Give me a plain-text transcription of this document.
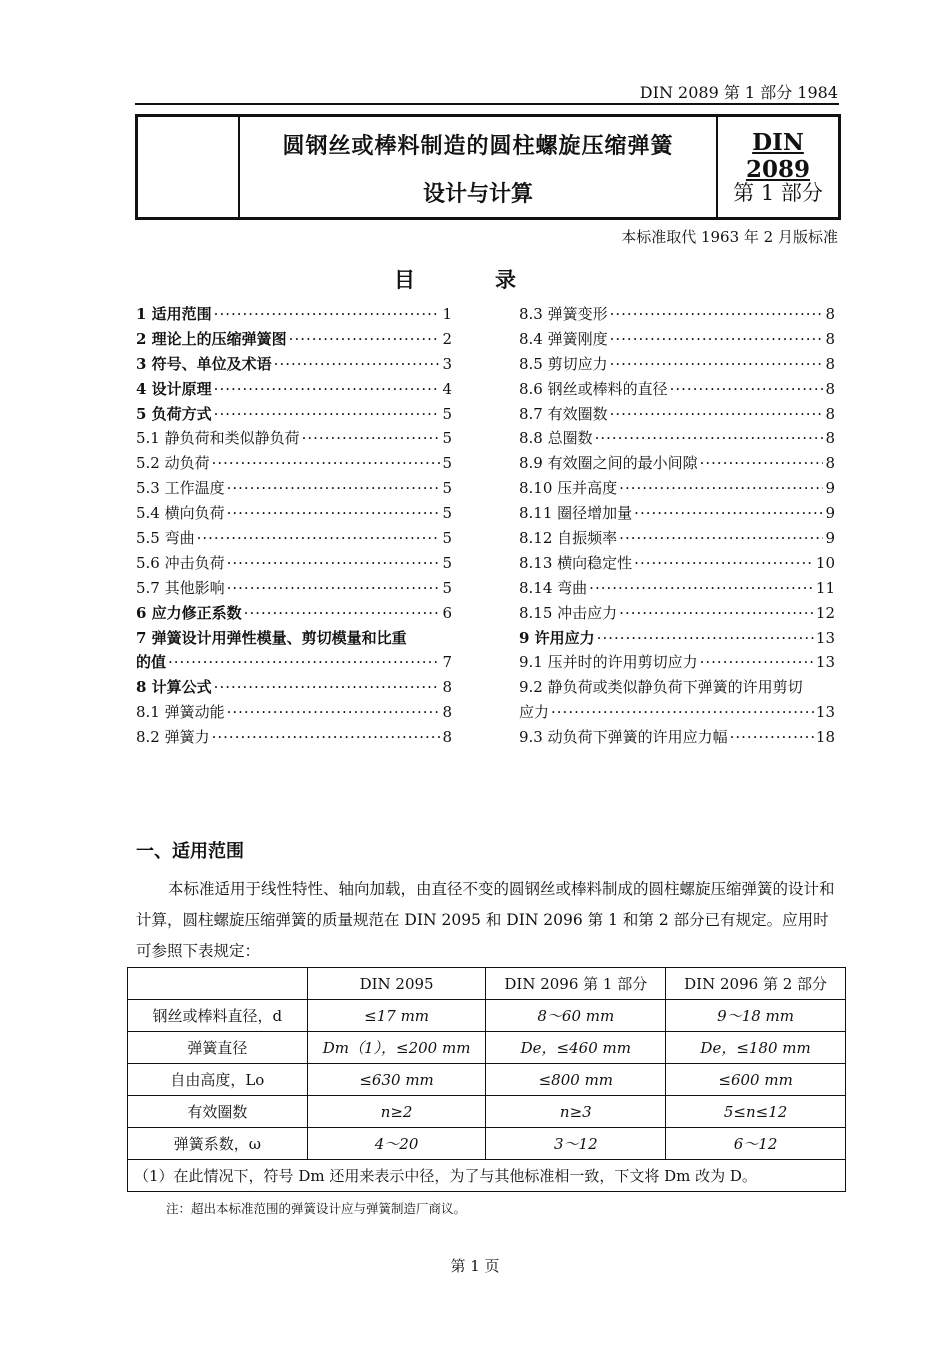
DIN 2089 第 1 部分 1984
圆钢丝或棒料制造的圆柱螺旋压缩弹簧
设计与计算
DIN 2089
第 1 部分
本标准取代 1963 年 2 月版标准
目录
1 适用范围 ·····	1
2 理论上的压缩弹簧图 ·····	2
3 符号、单位及术语 ·····	3
4 设计原理 ·····	4
5 负荷方式 ·····	5
5.1 静负荷和类似静负荷 ·····	5
5.2 动负荷 ·····	5
5.3 工作温度 ·····	5
5.4 横向负荷 ·····	5
5.5 弯曲 ·····	5
5.6 冲击负荷 ·····	5
5.7 其他影响 ·····	5
6 应力修正系数 ·····	6
7 弹簧设计用弹性模量、剪切模量和比重
的值 ·····	7
8 计算公式 ·····	8
8.1 弹簧动能 ·····	8
8.2 弹簧力 ·····	8
8.3 弹簧变形 ·····	8
8.4 弹簧刚度 ·····	8
8.5 剪切应力 ·····	8
8.6 钢丝或棒料的直径 ·····	8
8.7 有效圈数 ·····	8
8.8 总圈数 ·····	8
8.9 有效圈之间的最小间隙 ·····	8
8.10 压并高度 ·····	9
8.11 圈径增加量 ·····	9
8.12 自振频率 ·····	9
8.13 横向稳定性 ·····	10
8.14 弯曲 ·····	11
8.15 冲击应力 ·····	12
9 许用应力 ·····	13
9.1 压并时的许用剪切应力 ·····	13
9.2 静负荷或类似静负荷下弹簧的许用剪切
应力 ·····	13
9.3 动负荷下弹簧的许用应力幅 ·····	18
一、适用范围
本标准适用于线性特性、轴向加载，由直径不变的圆钢丝或棒料制成的圆柱螺旋压缩弹簧的设计和计算，圆柱螺旋压缩弹簧的质量规范在 DIN 2095 和 DIN 2096 第 1 和第 2 部分已有规定。应用时可参照下表规定：
	DIN 2095	DIN 2096 第 1 部分	DIN 2096 第 2 部分
钢丝或棒料直径，d	≤17 mm	8～60 mm	9～18 mm
弹簧直径	Dm（1），≤200 mm	De，≤460 mm	De，≤180 mm
自由高度，Lo	≤630 mm	≤800 mm	≤600 mm
有效圈数	n≥2	n≥3	5≤n≤12
弹簧系数，ω	4～20	3～12	6～12
（1）在此情况下，符号 Dm 还用来表示中径，为了与其他标准相一致，下文将 Dm 改为 D。			
注：超出本标准范围的弹簧设计应与弹簧制造厂商议。
第 1 页
